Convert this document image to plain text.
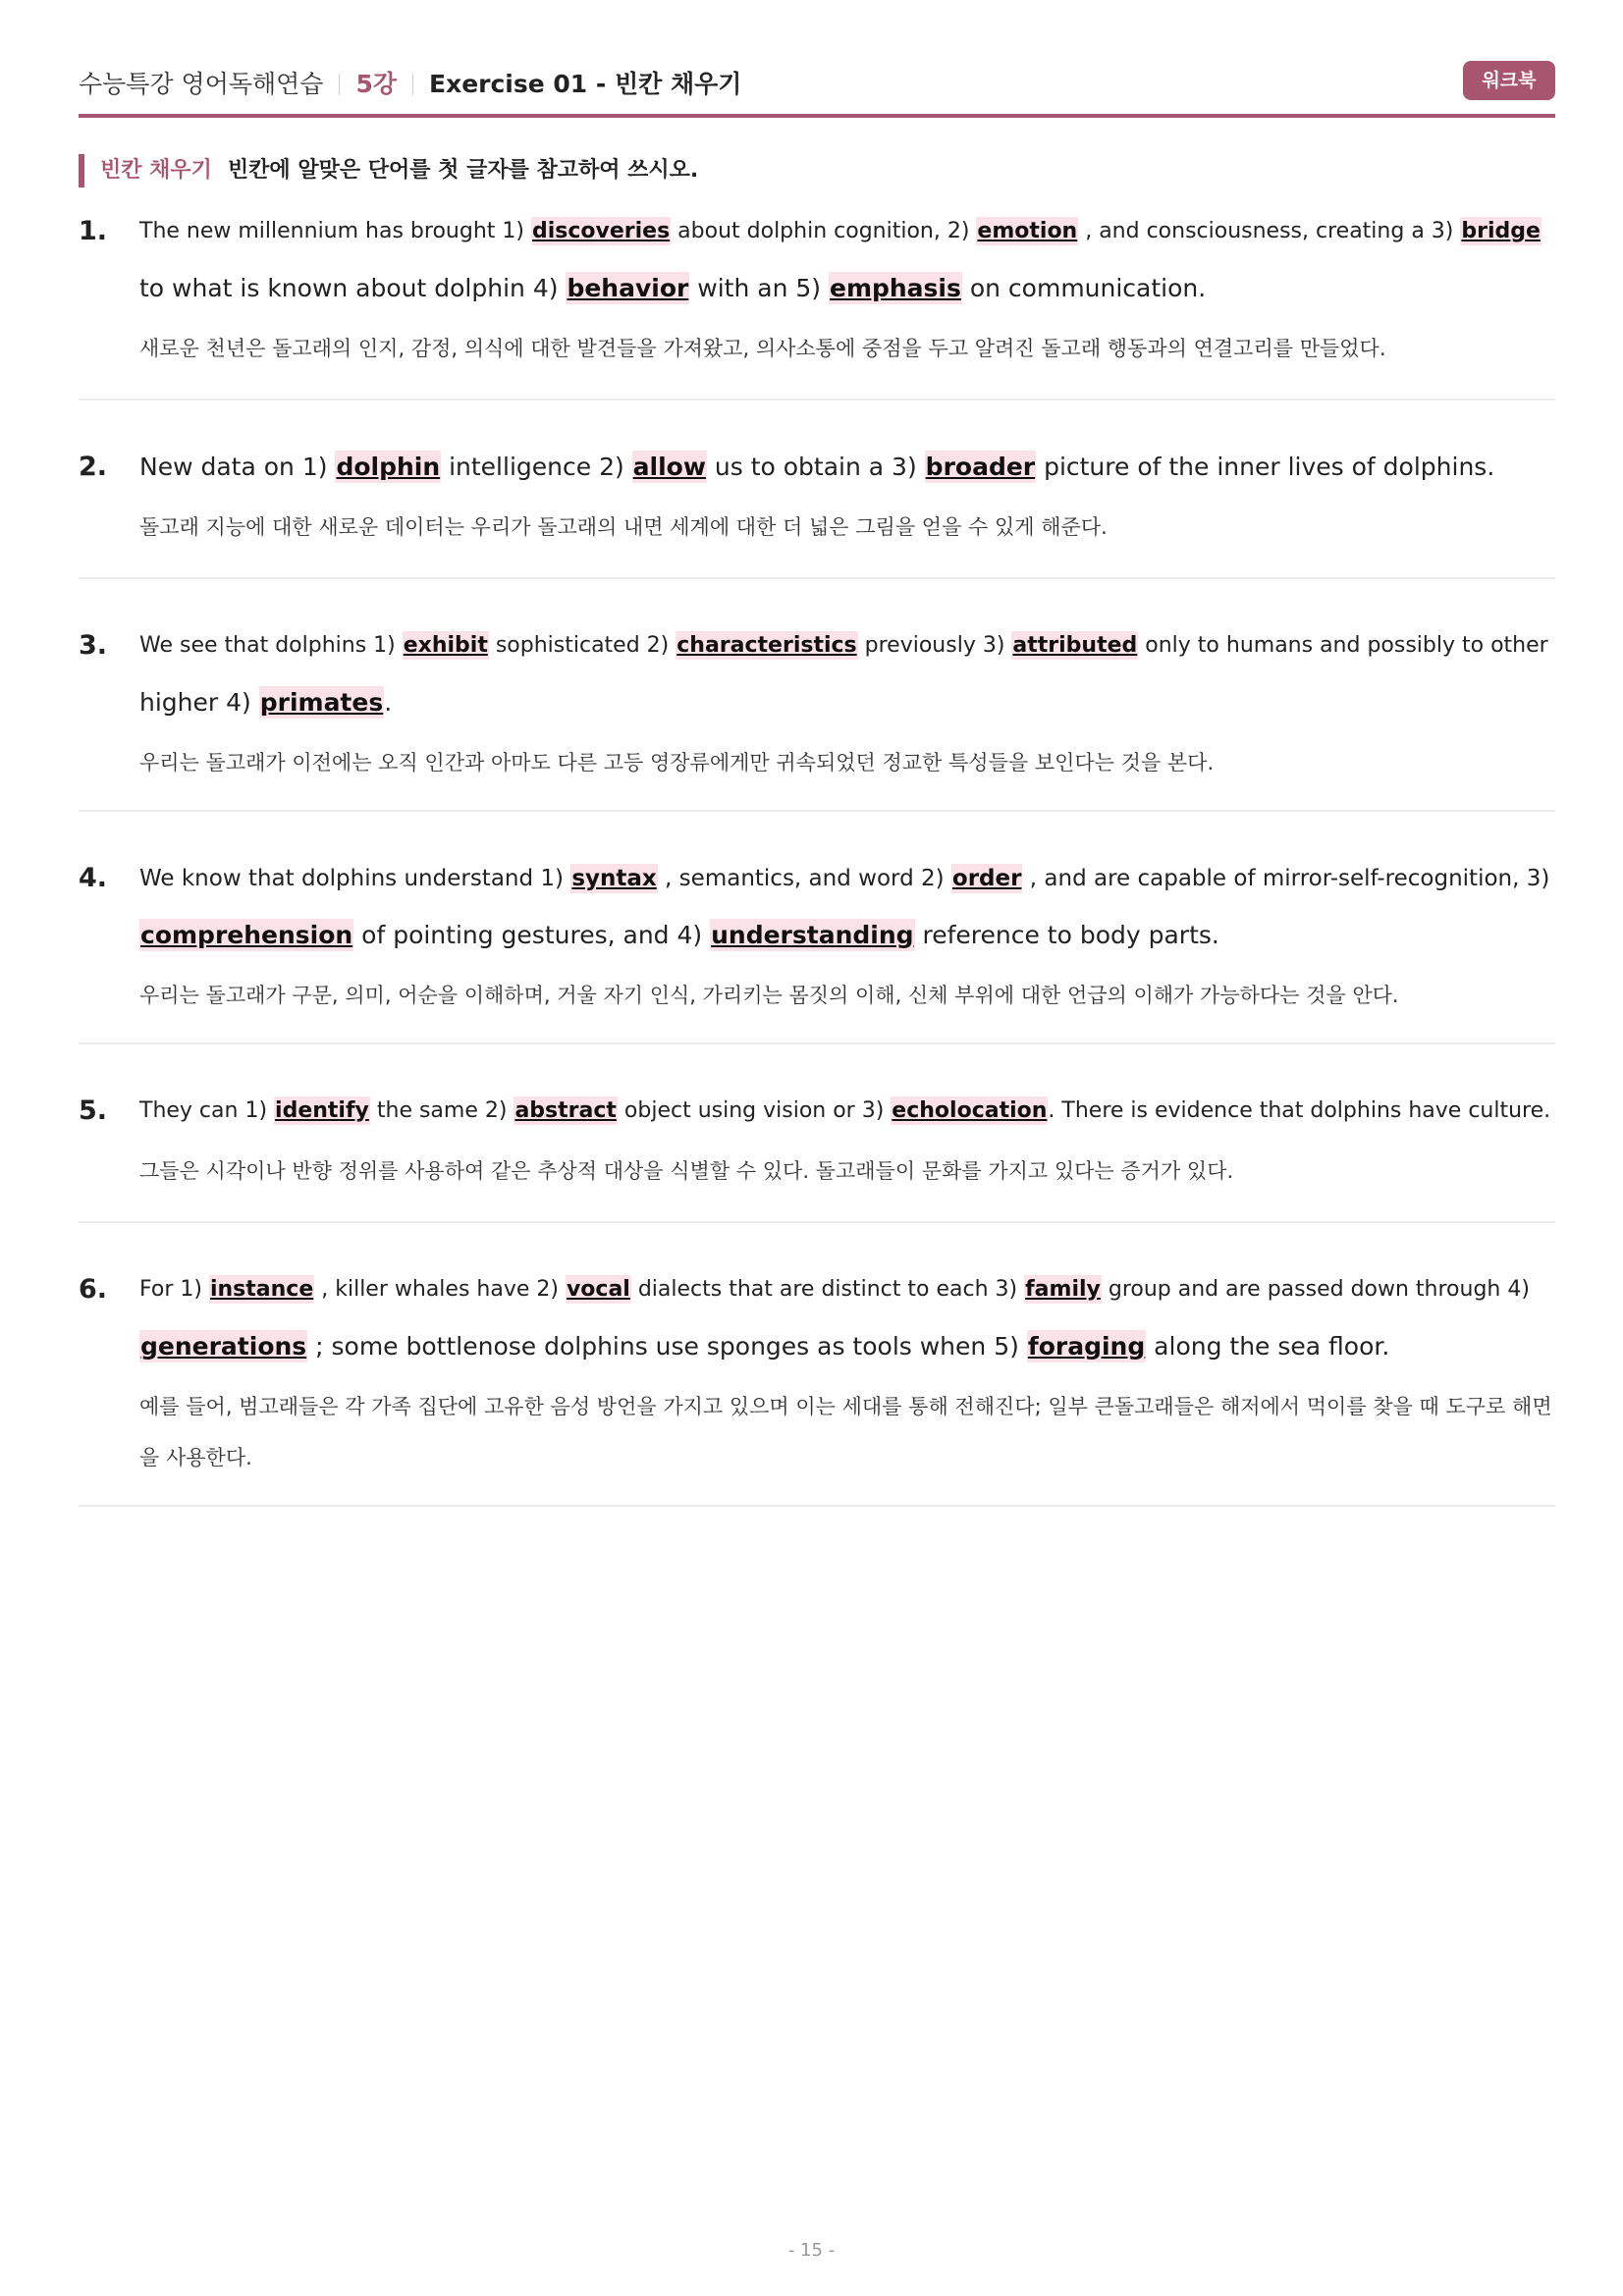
수능특강 영어독해연습 5강 Exercise 01 - 빈칸 채우기	워크북
빈칸 채우기 빈칸에 알맞은 단어를 첫 글자를 참고하여 쓰시오.
1. The new millennium has brought 1) discoveries about dolphin cognition, 2) emotion , and consciousness, creating a 3) bridge
to what is known about dolphin 4) behavior with an 5) emphasis on communication.
새로운 천년은 돌고래의 인지, 감정, 의식에 대한 발견들을 가져왔고, 의사소통에 중점을 두고 알려진 돌고래 행동과의 연결고리를 만들었다.
2. New data on 1) dolphin intelligence 2) allow us to obtain a 3) broader picture of the inner lives of dolphins.
돌고래 지능에 대한 새로운 데이터는 우리가 돌고래의 내면 세계에 대한 더 넓은 그림을 얻을 수 있게 해준다.
3. We see that dolphins 1) exhibit sophisticated 2) characteristics previously 3) attributed only to humans and possibly to other
higher 4) primates.
우리는 돌고래가 이전에는 오직 인간과 아마도 다른 고등 영장류에게만 귀속되었던 정교한 특성들을 보인다는 것을 본다.
4. We know that dolphins understand 1) syntax , semantics, and word 2) order , and are capable of mirror-self-recognition, 3)
comprehension of pointing gestures, and 4) understanding reference to body parts.
우리는 돌고래가 구문, 의미, 어순을 이해하며, 거울 자기 인식, 가리키는 몸짓의 이해, 신체 부위에 대한 언급의 이해가 가능하다는 것을 안다.
5. They can 1) identify the same 2) abstract object using vision or 3) echolocation. There is evidence that dolphins have culture.
그들은 시각이나 반향 정위를 사용하여 같은 추상적 대상을 식별할 수 있다. 돌고래들이 문화를 가지고 있다는 증거가 있다.
6. For 1) instance , killer whales have 2) vocal dialects that are distinct to each 3) family group and are passed down through 4)
generations ; some bottlenose dolphins use sponges as tools when 5) foraging along the sea floor.
예를 들어, 범고래들은 각 가족 집단에 고유한 음성 방언을 가지고 있으며 이는 세대를 통해 전해진다; 일부 큰돌고래들은 해저에서 먹이를 찾을 때 도구로 해면을 사용한다.
- 15 -
